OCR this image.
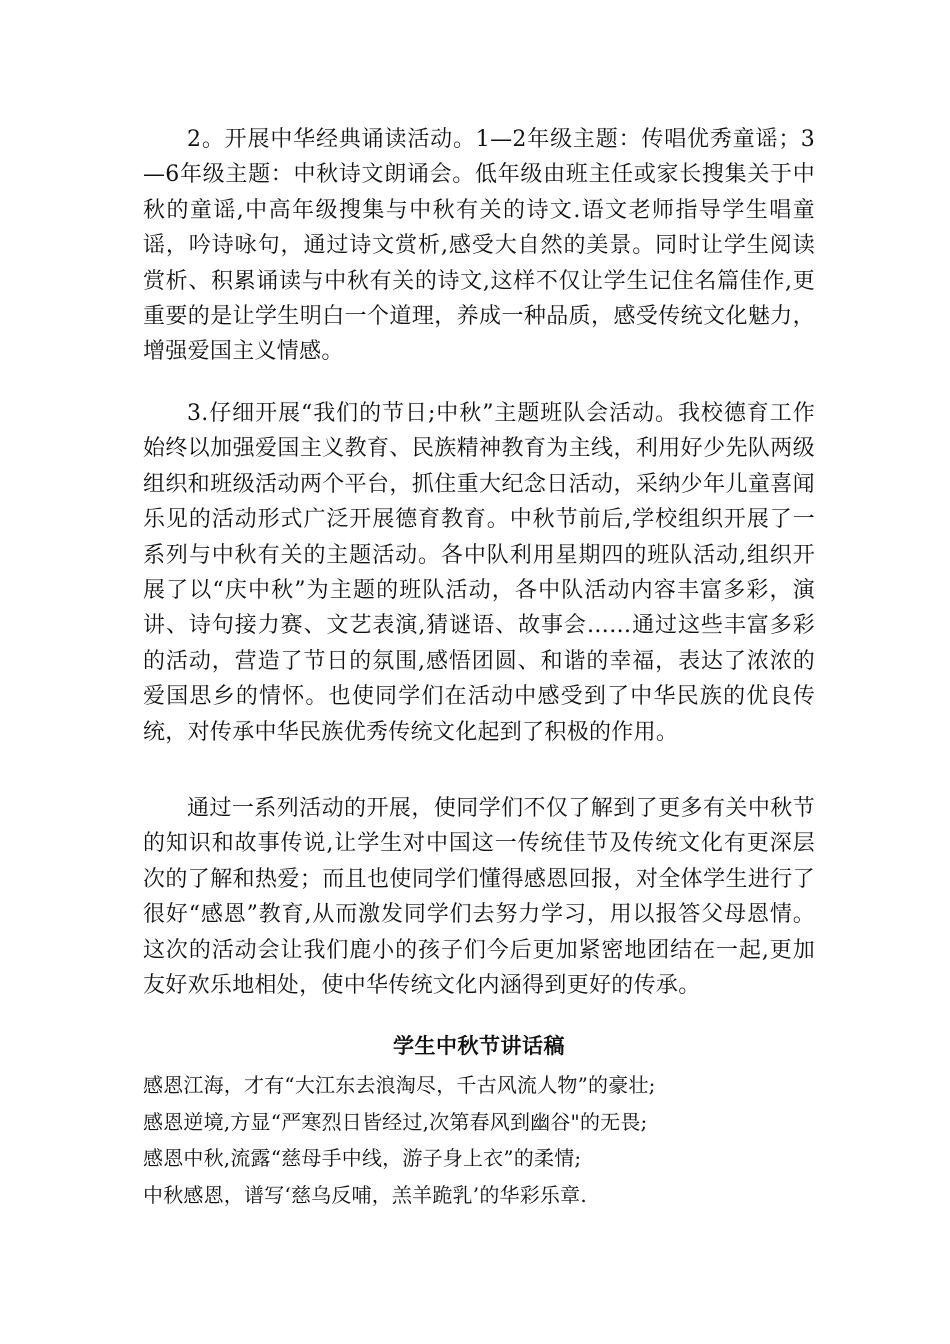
2。开展中华经典诵读活动。1—2年级主题：传唱优秀童谣；3—6年级主题：中秋诗文朗诵会。低年级由班主任或家长搜集关于中秋的童谣,中高年级搜集与中秋有关的诗文.语文老师指导学生唱童谣，吟诗咏句，通过诗文赏析,感受大自然的美景。同时让学生阅读赏析、积累诵读与中秋有关的诗文,这样不仅让学生记住名篇佳作,更重要的是让学生明白一个道理，养成一种品质，感受传统文化魅力，增强爱国主义情感。

3.仔细开展“我们的节日;中秋”主题班队会活动。我校德育工作始终以加强爱国主义教育、民族精神教育为主线，利用好少先队两级组织和班级活动两个平台，抓住重大纪念日活动，采纳少年儿童喜闻乐见的活动形式广泛开展德育教育。中秋节前后,学校组织开展了一系列与中秋有关的主题活动。各中队利用星期四的班队活动,组织开展了以“庆中秋”为主题的班队活动，各中队活动内容丰富多彩，演讲、诗句接力赛、文艺表演,猜谜语、故事会……通过这些丰富多彩的活动，营造了节日的氛围,感悟团圆、和谐的幸福，表达了浓浓的爱国思乡的情怀。也使同学们在活动中感受到了中华民族的优良传统，对传承中华民族优秀传统文化起到了积极的作用。

通过一系列活动的开展，使同学们不仅了解到了更多有关中秋节的知识和故事传说,让学生对中国这一传统佳节及传统文化有更深层次的了解和热爱；而且也使同学们懂得感恩回报，对全体学生进行了很好“感恩”教育,从而激发同学们去努力学习，用以报答父母恩情。这次的活动会让我们鹿小的孩子们今后更加紧密地团结在一起,更加友好欢乐地相处，使中华传统文化内涵得到更好的传承。

学生中秋节讲话稿
感恩江海，才有“大江东去浪淘尽，千古风流人物”的豪壮;
感恩逆境,方显“严寒烈日皆经过,次第春风到幽谷"的无畏;
感恩中秋,流露“慈母手中线，游子身上衣”的柔情;
中秋感恩，谱写‘慈乌反哺，羔羊跪乳’的华彩乐章.
